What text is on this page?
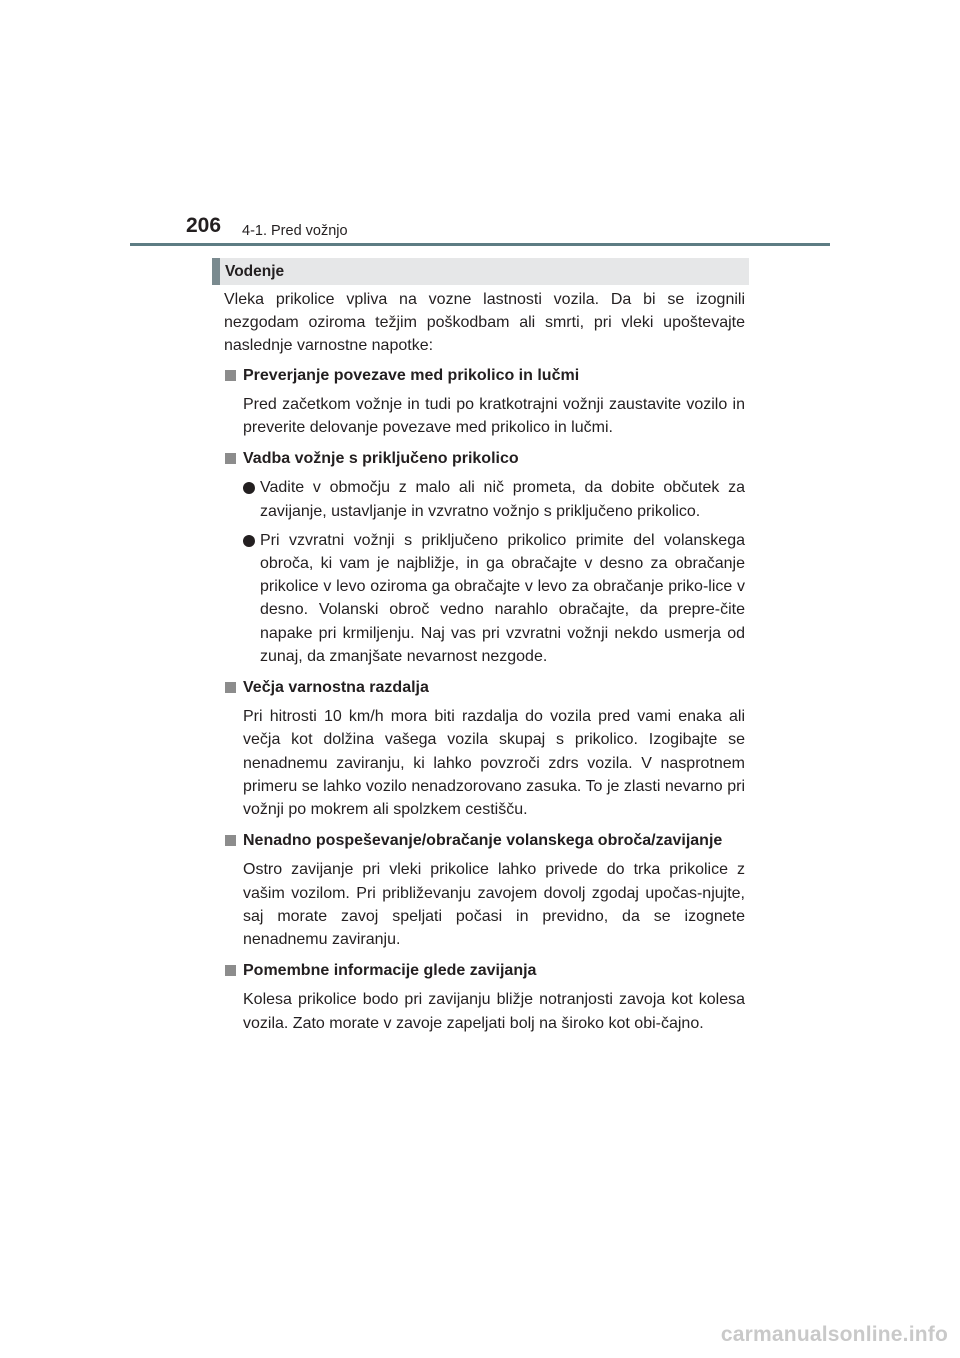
206 4-1. Pred vožnjo
Vodenje

Vleka prikolice vpliva na vozne lastnosti vozila. Da bi se izognili nezgodam oziroma težjim poškodbam ali smrti, pri vleki upoštevajte naslednje varnostne napotke:

Preverjanje povezave med prikolico in lučmi

Pred začetkom vožnje in tudi po kratkotrajni vožnji zaustavite vozilo in preverite delovanje povezave med prikolico in lučmi.

Vadba vožnje s priključeno prikolico

Vadite v območju z malo ali nič prometa, da dobite občutek za zavijanje, ustavljanje in vzvratno vožnjo s priključeno prikolico.

Pri vzvratni vožnji s priključeno prikolico primite del volanskega obroča, ki vam je najbližje, in ga obračajte v desno za obračanje prikolice v levo oziroma ga obračajte v levo za obračanje priko-lice v desno. Volanski obroč vedno narahlo obračajte, da prepre-čite napake pri krmiljenju. Naj vas pri vzvratni vožnji nekdo usmerja od zunaj, da zmanjšate nevarnost nezgode.

Večja varnostna razdalja

Pri hitrosti 10 km/h mora biti razdalja do vozila pred vami enaka ali večja kot dolžina vašega vozila skupaj s prikolico. Izogibajte se nenadnemu zaviranju, ki lahko povzroči zdrs vozila. V nasprotnem primeru se lahko vozilo nenadzorovano zasuka. To je zlasti nevarno pri vožnji po mokrem ali spolzkem cestišču.

Nenadno pospeševanje/obračanje volanskega obroča/zavijanje

Ostro zavijanje pri vleki prikolice lahko privede do trka prikolice z vašim vozilom. Pri približevanju zavojem dovolj zgodaj upočas-njujte, saj morate zavoj speljati počasi in previdno, da se izognete nenadnemu zaviranju.

Pomembne informacije glede zavijanja

Kolesa prikolice bodo pri zavijanju bližje notranjosti zavoja kot kolesa vozila. Zato morate v zavoje zapeljati bolj na široko kot obi-čajno.

carmanualsonline.info
